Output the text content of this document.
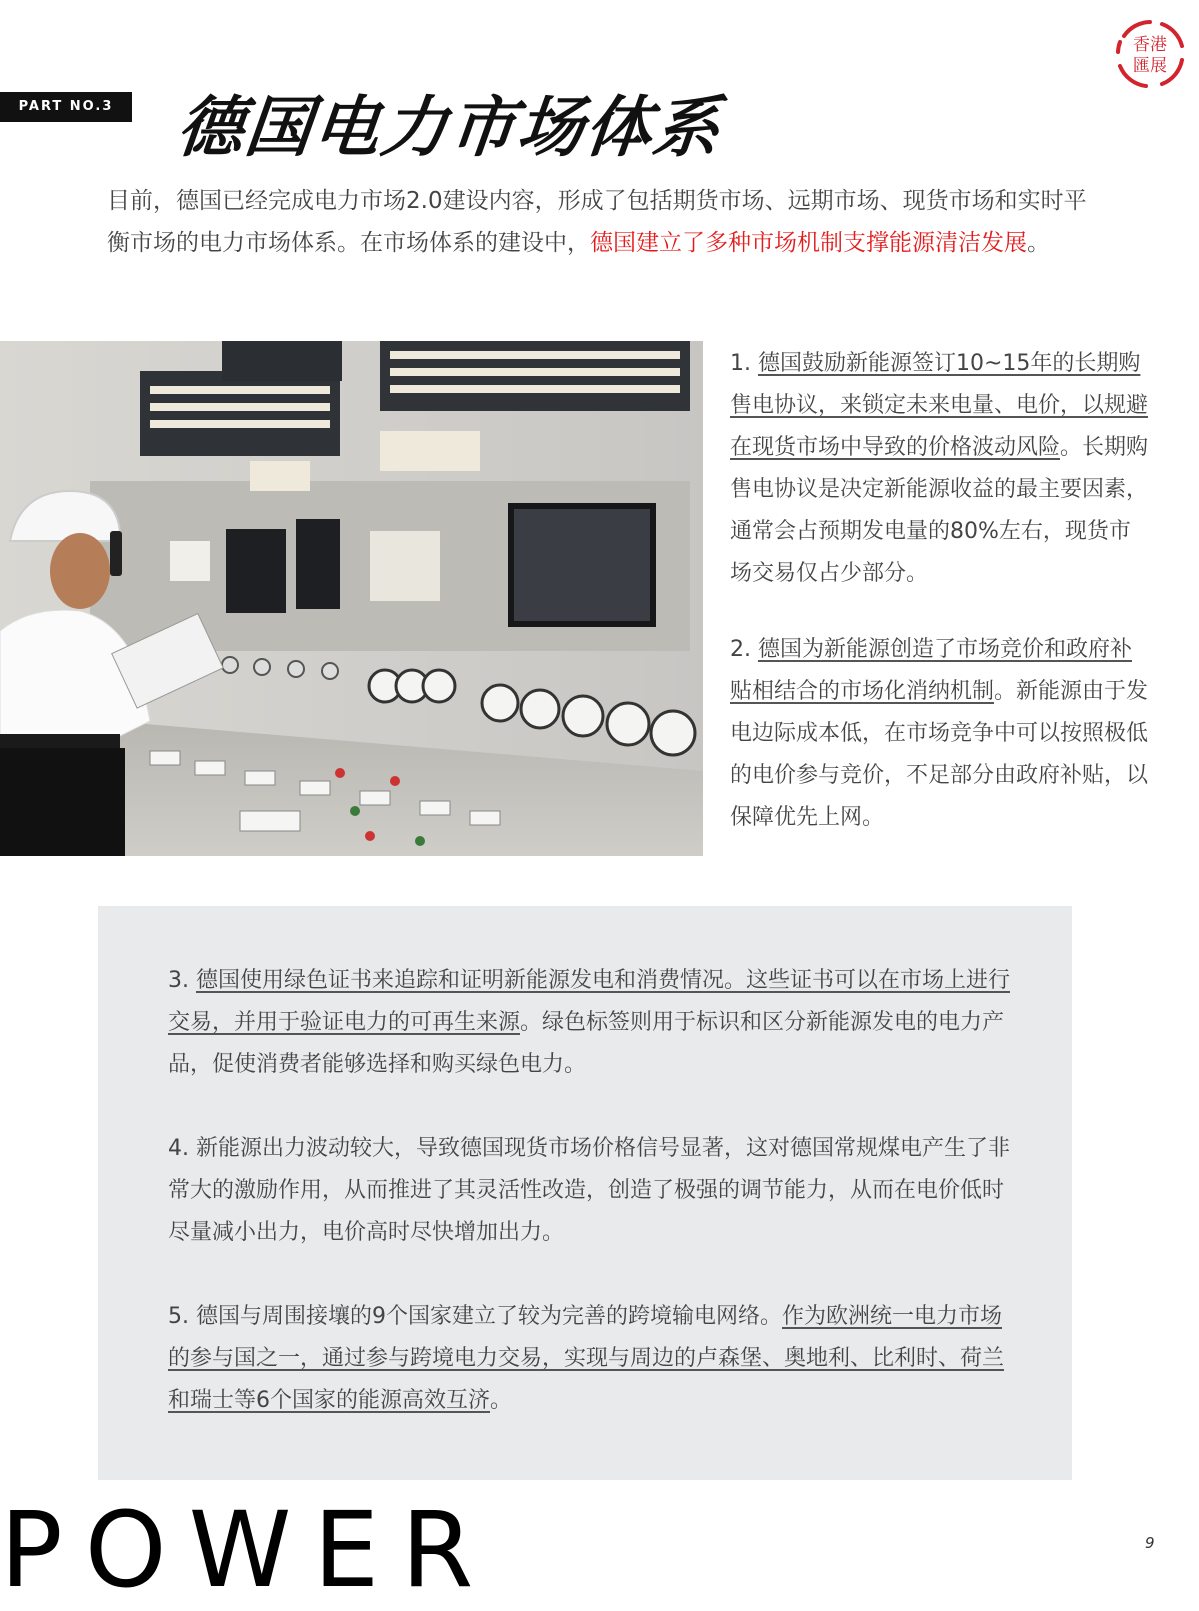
香港
匯展
PART NO.3 德国电力市场体系

目前，德国已经完成电力市场2.0建设内容，形成了包括期货市场、远期市场、现货市场和实时平衡市场的电力市场体系。在市场体系的建设中，德国建立了多种市场机制支撑能源清洁发展。

1. 德国鼓励新能源签订10~15年的长期购售电协议，来锁定未来电量、电价，以规避在现货市场中导致的价格波动风险。长期购售电协议是决定新能源收益的最主要因素，通常会占预期发电量的80%左右，现货市场交易仅占少部分。

2. 德国为新能源创造了市场竞价和政府补贴相结合的市场化消纳机制。新能源由于发电边际成本低，在市场竞争中可以按照极低的电价参与竞价，不足部分由政府补贴，以保障优先上网。

3. 德国使用绿色证书来追踪和证明新能源发电和消费情况。这些证书可以在市场上进行交易，并用于验证电力的可再生来源。绿色标签则用于标识和区分新能源发电的电力产品，促使消费者能够选择和购买绿色电力。

4. 新能源出力波动较大，导致德国现货市场价格信号显著，这对德国常规煤电产生了非常大的激励作用，从而推进了其灵活性改造，创造了极强的调节能力，从而在电价低时尽量减小出力，电价高时尽快增加出力。

5. 德国与周围接壤的9个国家建立了较为完善的跨境输电网络。作为欧洲统一电力市场的参与国之一，通过参与跨境电力交易，实现与周边的卢森堡、奥地利、比利时、荷兰和瑞士等6个国家的能源高效互济。

POWER	9
